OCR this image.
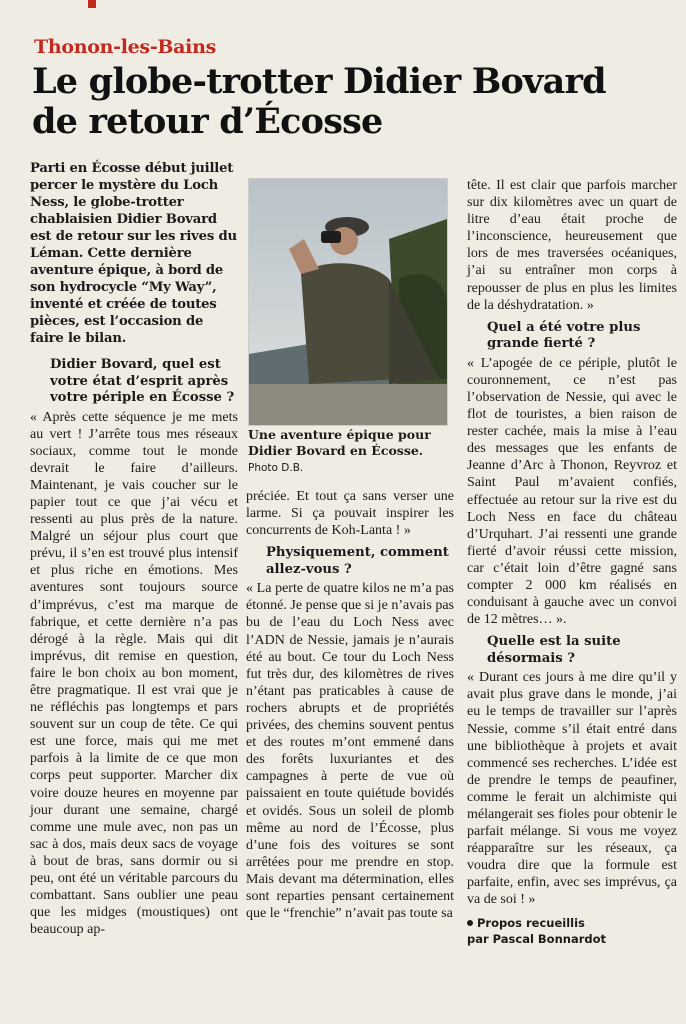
Thonon-les-Bains
Le globe-trotter Didier Bovard
de retour d’Écosse

Parti en Écosse début juillet percer le mystère du Loch Ness, le globe-trotter chablaisien Didier Bovard est de retour sur les rives du Léman. Cette dernière aventure épique, à bord de son hydrocycle “My Way”, inventé et créée de toutes pièces, est l’occasion de faire le bilan.

Didier Bovard, quel est votre état d’esprit après votre périple en Écosse ?

« Après cette séquence je me mets au vert ! J’arrête tous mes réseaux sociaux, comme tout le monde devrait le faire d’ailleurs. Maintenant, je vais coucher sur le papier tout ce que j’ai vécu et ressenti au plus près de la nature. Malgré un séjour plus court que prévu, il s’en est trouvé plus intensif et plus riche en émotions. Mes aventures sont toujours source d’imprévus, c’est ma marque de fabrique, et cette dernière n’a pas dérogé à la règle. Mais qui dit imprévus, dit remise en question, faire le bon choix au bon moment, être pragmatique. Il est vrai que je ne réfléchis pas longtemps et pars souvent sur un coup de tête. Ce qui est une force, mais qui me met parfois à la limite de ce que mon corps peut supporter. Marcher dix voire douze heures en moyenne par jour durant une semaine, chargé comme une mule avec, non pas un sac à dos, mais deux sacs de voyage à bout de bras, sans dormir ou si peu, ont été un véritable parcours du combattant. Sans oublier une peau que les midges (moustiques) ont beaucoup ap-

Une aventure épique pour Didier Bovard en Écosse. Photo D.B.

préciée. Et tout ça sans verser une larme. Si ça pouvait inspirer les concurrents de Koh-Lanta ! »

Physiquement, comment allez-vous ?

« La perte de quatre kilos ne m’a pas étonné. Je pense que si je n’avais pas bu de l’eau du Loch Ness avec l’ADN de Nessie, jamais je n’aurais été au bout. Ce tour du Loch Ness fut très dur, des kilomètres de rives n’étant pas praticables à cause de rochers abrupts et de propriétés privées, des chemins souvent pentus et des routes m’ont emmené dans des forêts luxuriantes et des campagnes à perte de vue où paissaient en toute quiétude bovidés et ovidés. Sous un soleil de plomb même au nord de l’Écosse, plus d’une fois des voitures se sont arrêtées pour me prendre en stop. Mais devant ma détermination, elles sont reparties pensant certainement que le “frenchie” n’avait pas toute sa

tête. Il est clair que parfois marcher sur dix kilomètres avec un quart de litre d’eau était proche de l’inconscience, heureusement que lors de mes traversées océaniques, j’ai su entraîner mon corps à repousser de plus en plus les limites de la déshydratation. »

Quel a été votre plus grande fierté ?

« L’apogée de ce périple, plutôt le couronnement, ce n’est pas l’observation de Nessie, qui avec le flot de touristes, a bien raison de rester cachée, mais la mise à l’eau des messages que les enfants de Jeanne d’Arc à Thonon, Reyvroz et Saint Paul m’avaient confiés, effectuée au retour sur la rive est du Loch Ness en face du château d’Urquhart. J’ai ressenti une grande fierté d’avoir réussi cette mission, car c’était loin d’être gagné sans compter 2 000 km réalisés en conduisant à gauche avec un convoi de 12 mètres… ».

Quelle est la suite désormais ?

« Durant ces jours à me dire qu’il y avait plus grave dans le monde, j’ai eu le temps de travailler sur l’après Nessie, comme s’il était entré dans une bibliothèque à projets et avait commencé ses recherches. L’idée est de prendre le temps de peaufiner, comme le ferait un alchimiste qui mélangerait ses fioles pour obtenir le parfait mélange. Si vous me voyez réapparaître sur les réseaux, ça voudra dire que la formule est parfaite, enfin, avec ses imprévus, ça va de soi ! »

Propos recueillis
par Pascal Bonnardot
